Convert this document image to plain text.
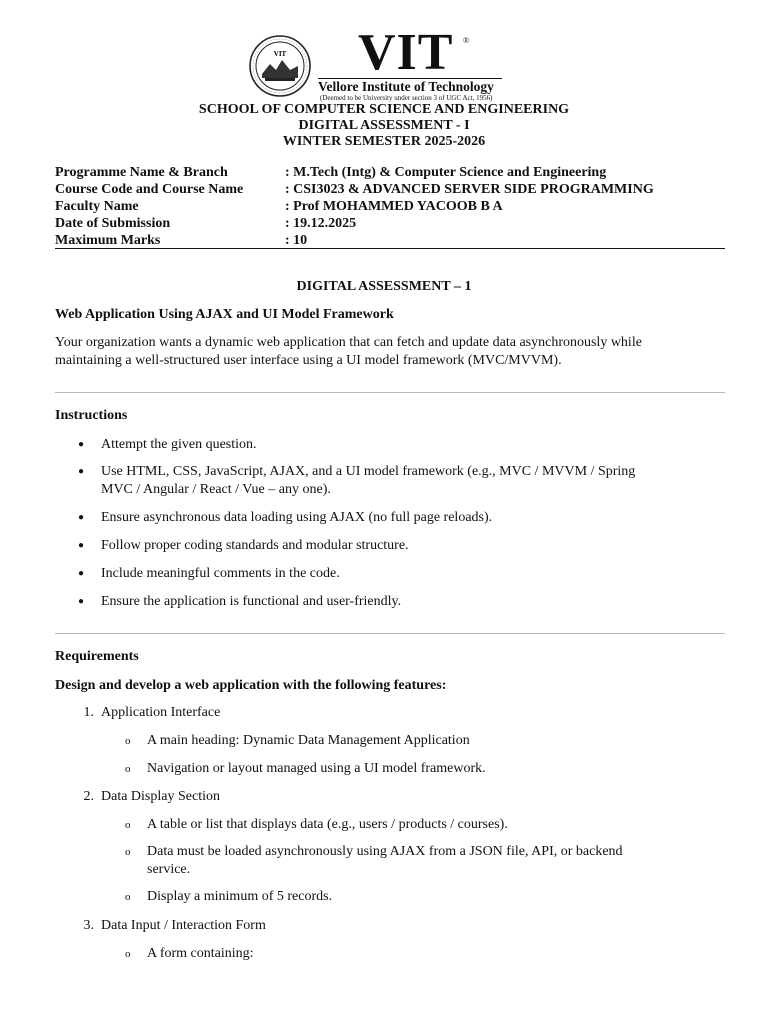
VIT VIT ®
Vellore Institute of Technology
(Deemed to be University under section 3 of UGC Act, 1956)
SCHOOL OF COMPUTER SCIENCE AND ENGINEERING
DIGITAL ASSESSMENT - I
WINTER SEMESTER 2025-2026
Programme Name & Branch	: M.Tech (Intg) & Computer Science and Engineering
Course Code and Course Name	: CSI3023 & ADVANCED SERVER SIDE PROGRAMMING
Faculty Name	: Prof MOHAMMED YACOOB B A
Date of Submission	: 19.12.2025
Maximum Marks	: 10
DIGITAL ASSESSMENT – 1
Web Application Using AJAX and UI Model Framework
Your organization wants a dynamic web application that can fetch and update data asynchronously while
maintaining a well-structured user interface using a UI model framework (MVC/MVVM).
Instructions
● Attempt the given question.
● Use HTML, CSS, JavaScript, AJAX, and a UI model framework (e.g., MVC / MVVM / Spring
MVC / Angular / React / Vue – any one).
● Ensure asynchronous data loading using AJAX (no full page reloads).
● Follow proper coding standards and modular structure.
● Include meaningful comments in the code.
● Ensure the application is functional and user-friendly.
Requirements
Design and develop a web application with the following features:
1. Application Interface
o A main heading: Dynamic Data Management Application
o Navigation or layout managed using a UI model framework.
2. Data Display Section
o A table or list that displays data (e.g., users / products / courses).
o Data must be loaded asynchronously using AJAX from a JSON file, API, or backend
service.
o Display a minimum of 5 records.
3. Data Input / Interaction Form
o A form containing:
